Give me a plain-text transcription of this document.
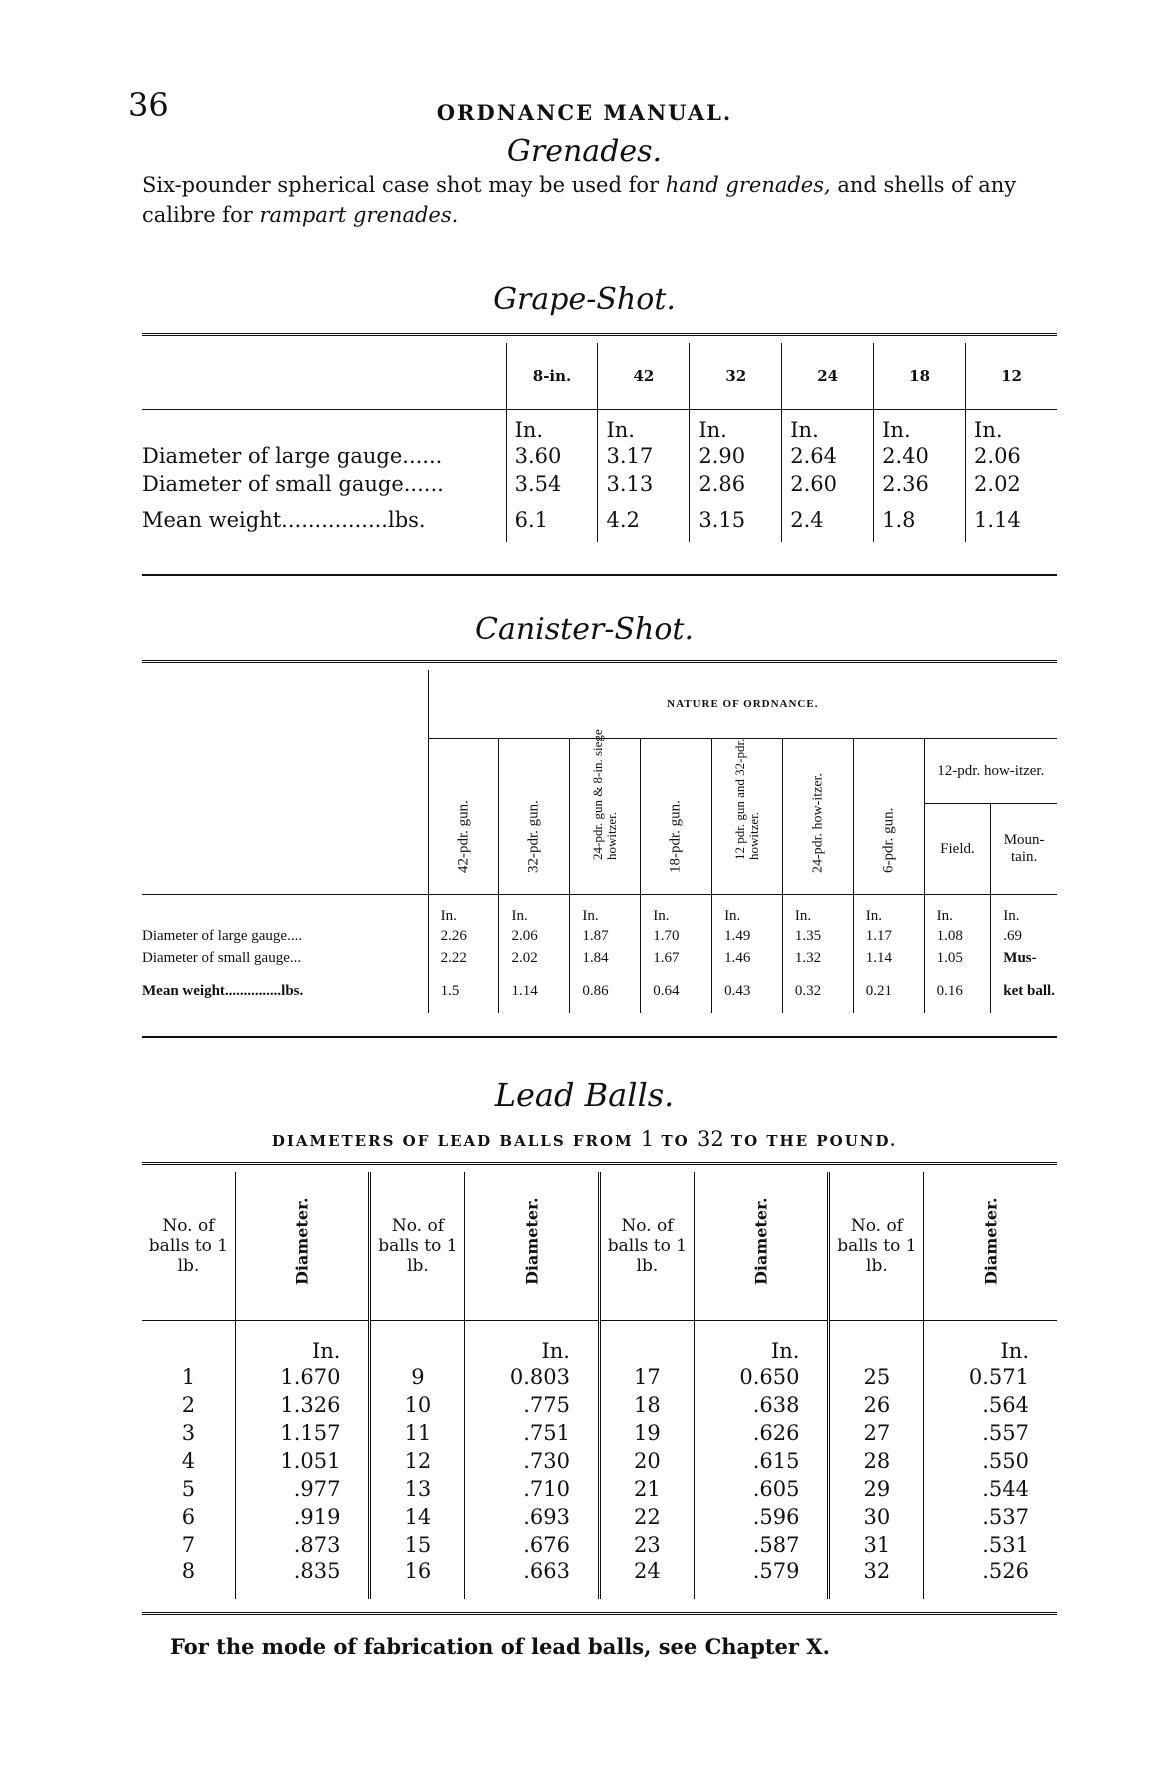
36	ORDNANCE MANUAL.
Grenades.
Six-pounder spherical case shot may be used for hand grenades, and shells of any calibre for rampart grenades.
Grape-Shot.
	8-in.	42	32	24	18	12
	In.	In.	In.	In.	In.	In.
Diameter of large gauge......	3.60	3.17	2.90	2.64	2.40	2.06
Diameter of small gauge......	3.54	3.13	2.86	2.60	2.36	2.02
Mean weight................lbs.	6.1	4.2	3.15	2.4	1.8	1.14
Canister-Shot.
	NATURE OF ORDNANCE.								

	42-pdr. gun.	32-pdr. gun.	24-pdr. gun & 8-in. siege howitzer.	18-pdr. gun.	12 pdr. gun and 32-pdr. howitzer.	24-pdr. how-itzer.	6-pdr. gun.	12-pdr. how-itzer.	
								Field.	Moun-tain.
	In.	In.	In.	In.	In.	In.	In.	In.	In.
Diameter of large gauge....	2.26	2.06	1.87	1.70	1.49	1.35	1.17	1.08	.69
Diameter of small gauge...	2.22	2.02	1.84	1.67	1.46	1.32	1.14	1.05	Mus-
Mean weight...............lbs.	1.5	1.14	0.86	0.64	0.43	0.32	0.21	0.16	ket ball.
Lead Balls.
DIAMETERS OF LEAD BALLS FROM 1 TO 32 TO THE POUND.
No. of balls to 1 lb.	Diameter.	No. of balls to 1 lb.	Diameter.	No. of balls to 1 lb.	Diameter.	No. of balls to 1 lb.	Diameter.

	In.		In.		In.		In.
1	1.670	9	0.803	17	0.650	25	0.571
2	1.326	10	.775	18	.638	26	.564
3	1.157	11	.751	19	.626	27	.557
4	1.051	12	.730	20	.615	28	.550
5	.977	13	.710	21	.605	29	.544
6	.919	14	.693	22	.596	30	.537
7	.873	15	.676	23	.587	31	.531
8	.835	16	.663	24	.579	32	.526
For the mode of fabrication of lead balls, see Chapter X.
